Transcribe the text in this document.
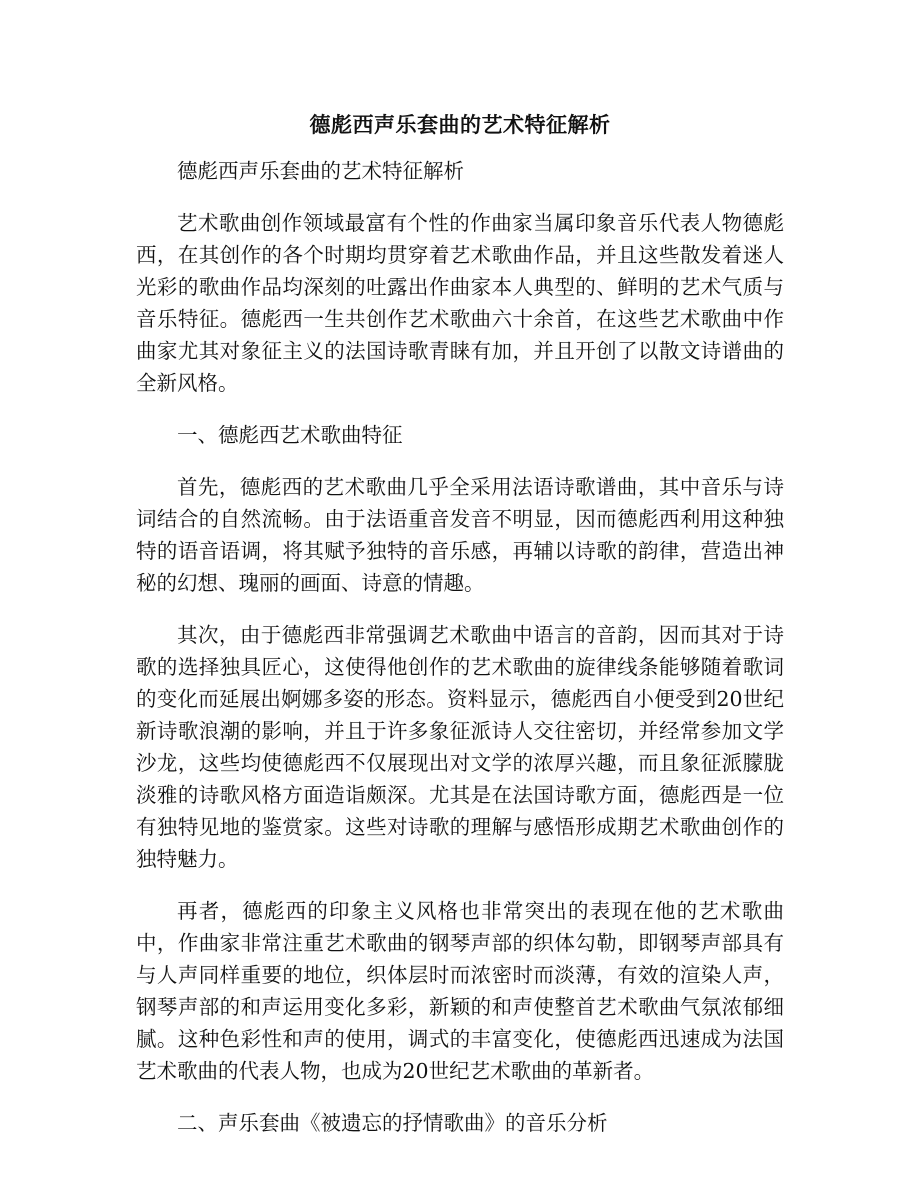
德彪西声乐套曲的艺术特征解析

德彪西声乐套曲的艺术特征解析

艺术歌曲创作领域最富有个性的作曲家当属印象音乐代表人物德彪西，在其创作的各个时期均贯穿着艺术歌曲作品，并且这些散发着迷人光彩的歌曲作品均深刻的吐露出作曲家本人典型的、鲜明的艺术气质与音乐特征。德彪西一生共创作艺术歌曲六十余首，在这些艺术歌曲中作曲家尤其对象征主义的法国诗歌青睐有加，并且开创了以散文诗谱曲的全新风格。

一、德彪西艺术歌曲特征

首先，德彪西的艺术歌曲几乎全采用法语诗歌谱曲，其中音乐与诗词结合的自然流畅。由于法语重音发音不明显，因而德彪西利用这种独特的语音语调，将其赋予独特的音乐感，再辅以诗歌的韵律，营造出神秘的幻想、瑰丽的画面、诗意的情趣。

其次，由于德彪西非常强调艺术歌曲中语言的音韵，因而其对于诗歌的选择独具匠心，这使得他创作的艺术歌曲的旋律线条能够随着歌词的变化而延展出婀娜多姿的形态。资料显示，德彪西自小便受到20世纪新诗歌浪潮的影响，并且于许多象征派诗人交往密切，并经常参加文学沙龙，这些均使德彪西不仅展现出对文学的浓厚兴趣，而且象征派朦胧淡雅的诗歌风格方面造诣颇深。尤其是在法国诗歌方面，德彪西是一位有独特见地的鉴赏家。这些对诗歌的理解与感悟形成期艺术歌曲创作的独特魅力。

再者，德彪西的印象主义风格也非常突出的表现在他的艺术歌曲中，作曲家非常注重艺术歌曲的钢琴声部的织体勾勒，即钢琴声部具有与人声同样重要的地位，织体层时而浓密时而淡薄，有效的渲染人声，钢琴声部的和声运用变化多彩，新颖的和声使整首艺术歌曲气氛浓郁细腻。这种色彩性和声的使用，调式的丰富变化，使德彪西迅速成为法国艺术歌曲的代表人物，也成为20世纪艺术歌曲的革新者。

二、声乐套曲《被遗忘的抒情歌曲》的音乐分析
